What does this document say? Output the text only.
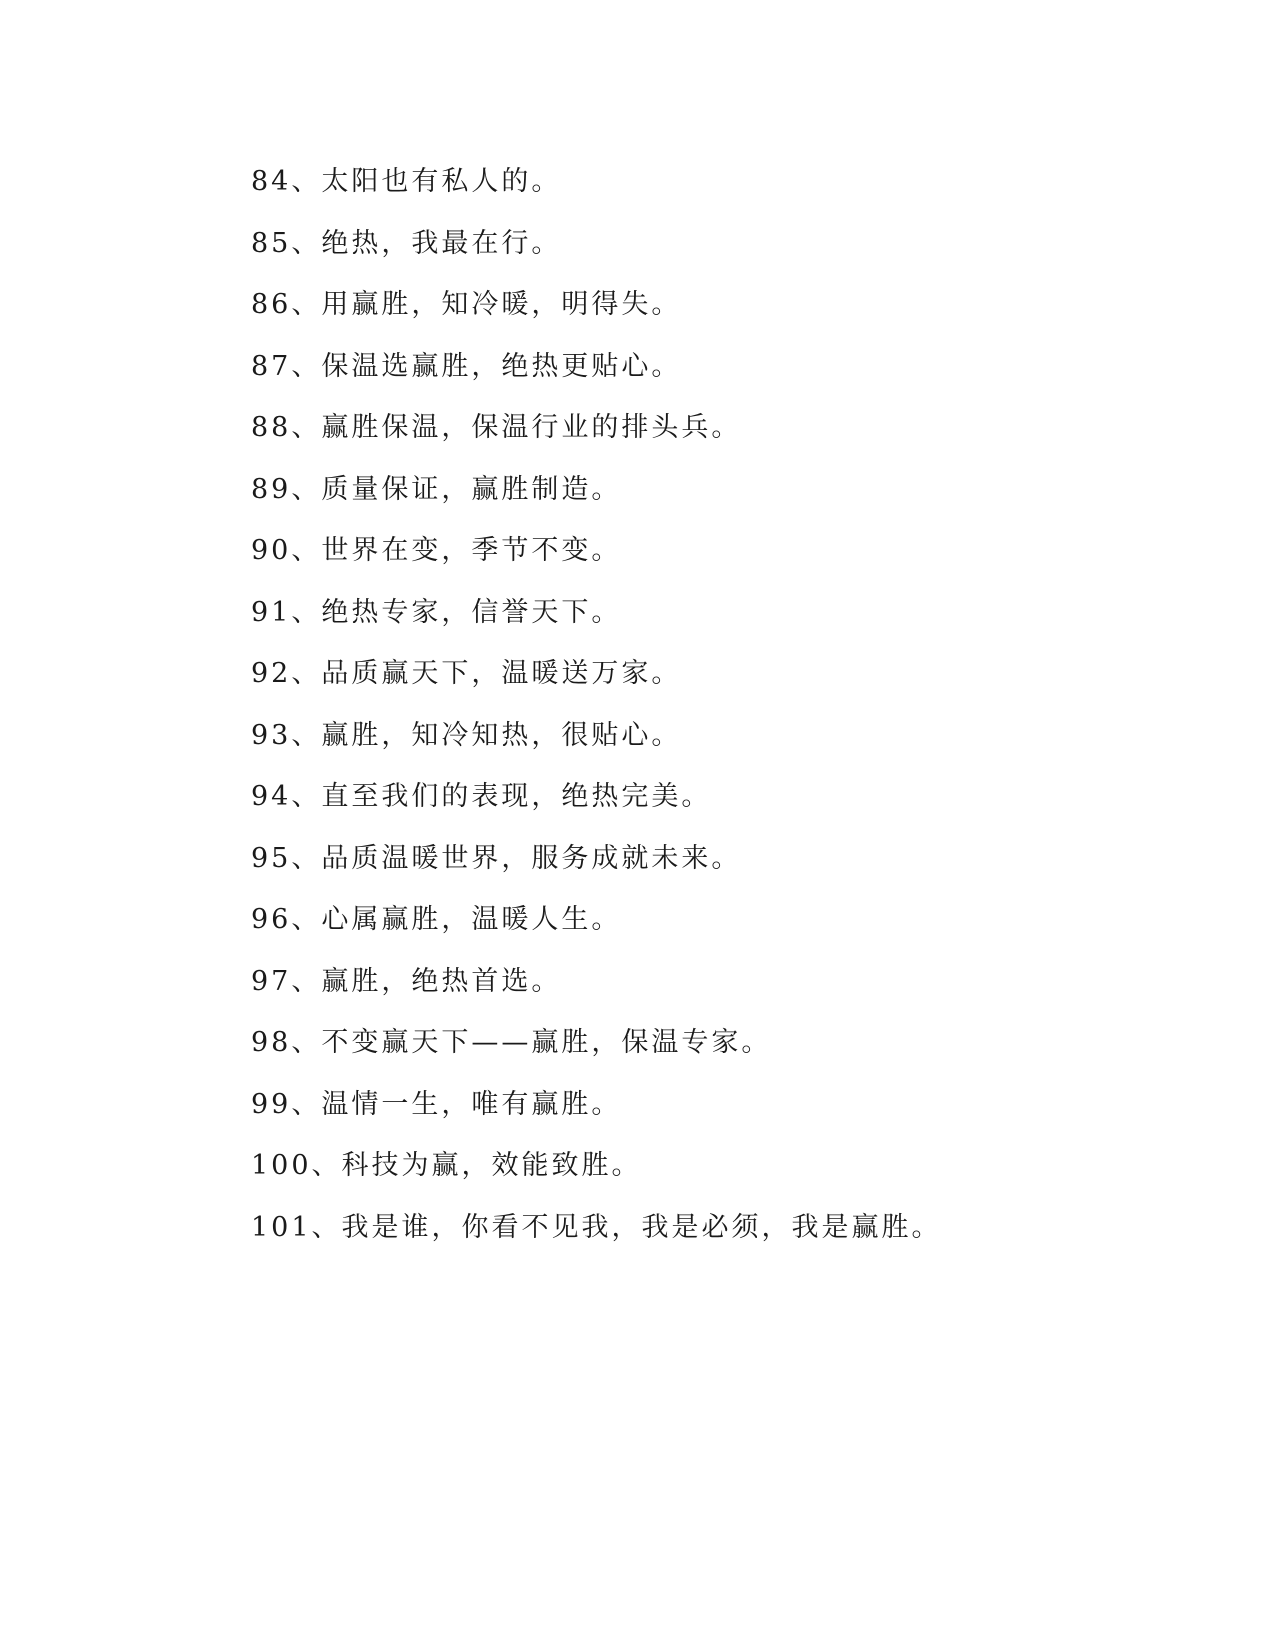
84、太阳也有私人的。
85、绝热，我最在行。
86、用赢胜，知冷暖，明得失。
87、保温选赢胜，绝热更贴心。
88、赢胜保温，保温行业的排头兵。
89、质量保证，赢胜制造。
90、世界在变，季节不变。
91、绝热专家，信誉天下。
92、品质赢天下，温暖送万家。
93、赢胜，知冷知热，很贴心。
94、直至我们的表现，绝热完美。
95、品质温暖世界，服务成就未来。
96、心属赢胜，温暖人生。
97、赢胜，绝热首选。
98、不变赢天下——赢胜，保温专家。
99、温情一生，唯有赢胜。
100、科技为赢，效能致胜。
101、我是谁，你看不见我，我是必须，我是赢胜。
